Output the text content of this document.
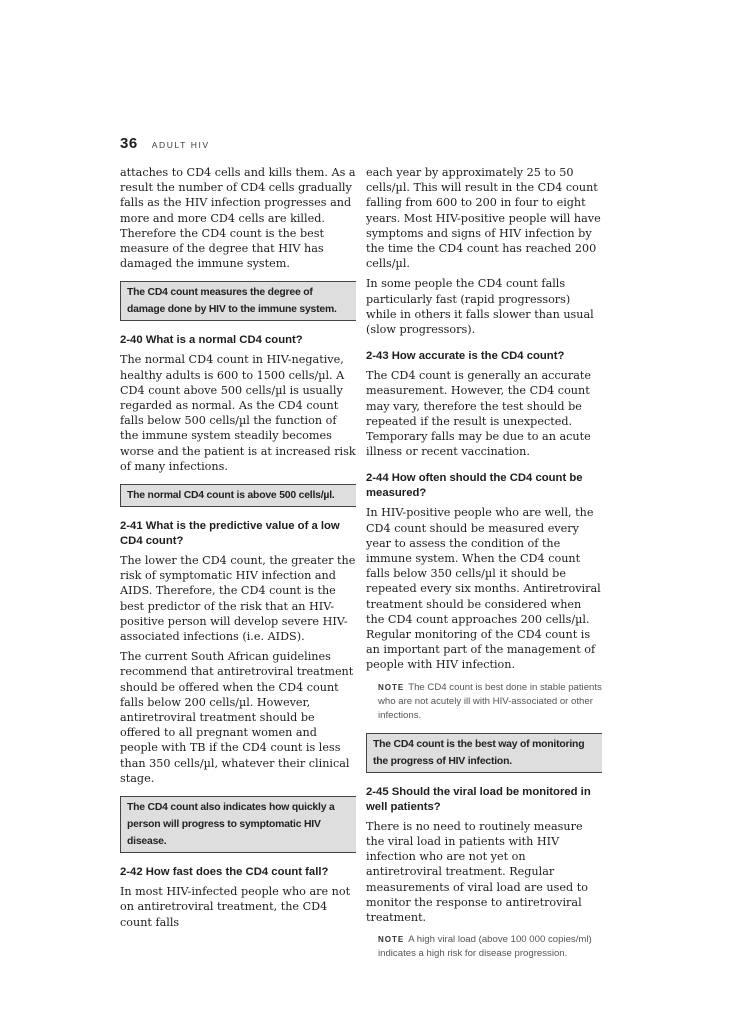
36 ADULT HIV

attaches to CD4 cells and kills them. As a result the number of CD4 cells gradually falls as the HIV infection progresses and more and more CD4 cells are killed. Therefore the CD4 count is the best measure of the degree that HIV has damaged the immune system.

The CD4 count measures the degree of damage done by HIV to the immune system.
2-40 What is a normal CD4 count?

The normal CD4 count in HIV-negative, healthy adults is 600 to 1500 cells/µl. A CD4 count above 500 cells/µl is usually regarded as normal. As the CD4 count falls below 500 cells/µl the function of the immune system steadily becomes worse and the patient is at increased risk of many infections.

The normal CD4 count is above 500 cells/µl.
2-41 What is the predictive value of a low CD4 count?

The lower the CD4 count, the greater the risk of symptomatic HIV infection and AIDS. Therefore, the CD4 count is the best predictor of the risk that an HIV-positive person will develop severe HIV-associated infections (i.e. AIDS).

The current South African guidelines recommend that antiretroviral treatment should be offered when the CD4 count falls below 200 cells/µl. However, antiretroviral treatment should be offered to all pregnant women and people with TB if the CD4 count is less than 350 cells/µl, whatever their clinical stage.

The CD4 count also indicates how quickly a person will progress to symptomatic HIV disease.
2-42 How fast does the CD4 count fall?

In most HIV-infected people who are not on antiretroviral treatment, the CD4 count falls

each year by approximately 25 to 50 cells/µl. This will result in the CD4 count falling from 600 to 200 in four to eight years. Most HIV-positive people will have symptoms and signs of HIV infection by the time the CD4 count has reached 200 cells/µl.

In some people the CD4 count falls particularly fast (rapid progressors) while in others it falls slower than usual (slow progressors).

2-43 How accurate is the CD4 count?

The CD4 count is generally an accurate measurement. However, the CD4 count may vary, therefore the test should be repeated if the result is unexpected. Temporary falls may be due to an acute illness or recent vaccination.

2-44 How often should the CD4 count be measured?

In HIV-positive people who are well, the CD4 count should be measured every year to assess the condition of the immune system. When the CD4 count falls below 350 cells/µl it should be repeated every six months. Antiretroviral treatment should be considered when the CD4 count approaches 200 cells/µl. Regular monitoring of the CD4 count is an important part of the management of people with HIV infection.

NOTE The CD4 count is best done in stable patients who are not acutely ill with HIV-associated or other infections.
The CD4 count is the best way of monitoring the progress of HIV infection.
2-45 Should the viral load be monitored in well patients?

There is no need to routinely measure the viral load in patients with HIV infection who are not yet on antiretroviral treatment. Regular measurements of viral load are used to monitor the response to antiretroviral treatment.

NOTE A high viral load (above 100 000 copies/ml) indicates a high risk for disease progression.
